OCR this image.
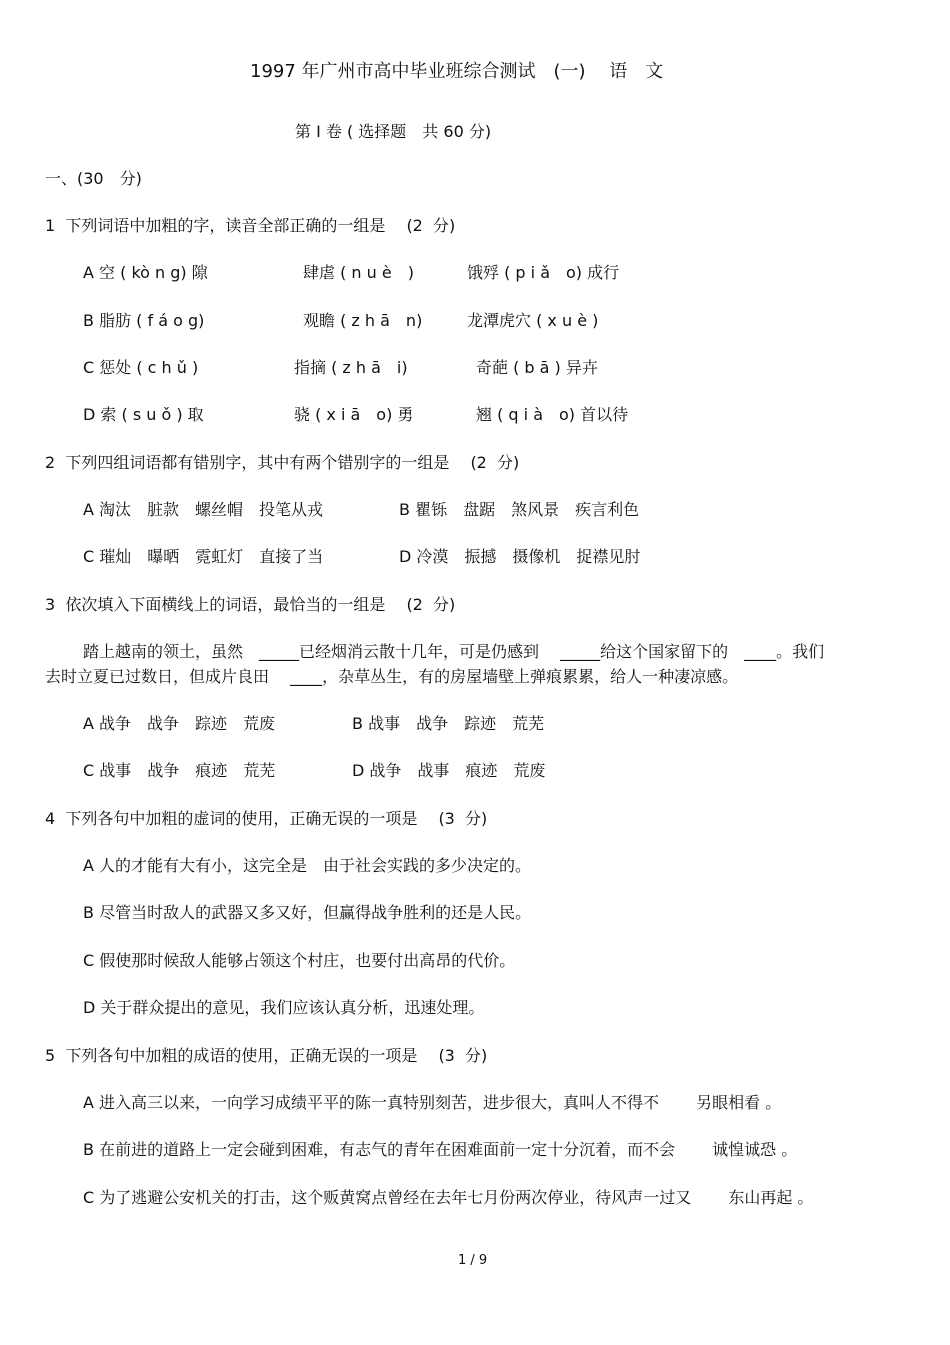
1997 年广州市高中毕业班综合测试　(一)　 语　文
第 I 卷 ( 选择题　共 60 分)
一、(30　分)
1  下列词语中加粗的字，读音全部正确的一组是　 (2  分)
A 空 ( kò n g) 隙	肆虐 ( n u è　)	饿殍 ( p i ǎ　o) 成行
B 脂肪 ( f á o g)	观瞻 ( z h ā　n)	龙潭虎穴 ( x u è )
C 惩处 ( c h ǔ )	指摘 ( z h ā　i)	奇葩 ( b ā ) 异卉
D 索 ( s u ǒ ) 取	骁 ( x i ā　o) 勇	翘 ( q i à　o) 首以待
2  下列四组词语都有错别字，其中有两个错别字的一组是　 (2  分)
A 淘汰　脏款　螺丝帽　投笔从戎	B 瞿铄　盘踞　煞风景　疾言利色
C 璀灿　曝晒　霓虹灯　直接了当	D 冷漠　振撼　摄像机　捉襟见肘
3  依次填入下面横线上的词语，最恰当的一组是　 (2  分)
踏上越南的领土，虽然　_____已经烟消云散十几年，可是仍感到　 _____给这个国家留下的　____。我们
去时立夏已过数日，但成片良田　 ____，杂草丛生，有的房屋墙壁上弹痕累累，给人一种凄凉感。
A 战争　战争　踪迹　荒废	B 战事　战争　踪迹　荒芜
C 战事　战争　痕迹　荒芜	D 战争　战事　痕迹　荒废
4  下列各句中加粗的虚词的使用，正确无误的一项是　 (3  分)
A 人的才能有大有小，这完全是　由于社会实践的多少决定的。
B 尽管当时敌人的武器又多又好，但赢得战争胜利的还是人民。
C 假使那时候敌人能够占领这个村庄，也要付出高昂的代价。
D 关于群众提出的意见，我们应该认真分析，迅速处理。
5  下列各句中加粗的成语的使用，正确无误的一项是　 (3  分)
A 进入高三以来，一向学习成绩平平的陈一真特别刻苦，进步很大，真叫人不得不　　 另眼相看 。
B 在前进的道路上一定会碰到困难，有志气的青年在困难面前一定十分沉着，而不会　　 诚惶诚恐 。
C 为了逃避公安机关的打击，这个贩黄窝点曾经在去年七月份两次停业，待风声一过又　　 东山再起 。
1 / 9
